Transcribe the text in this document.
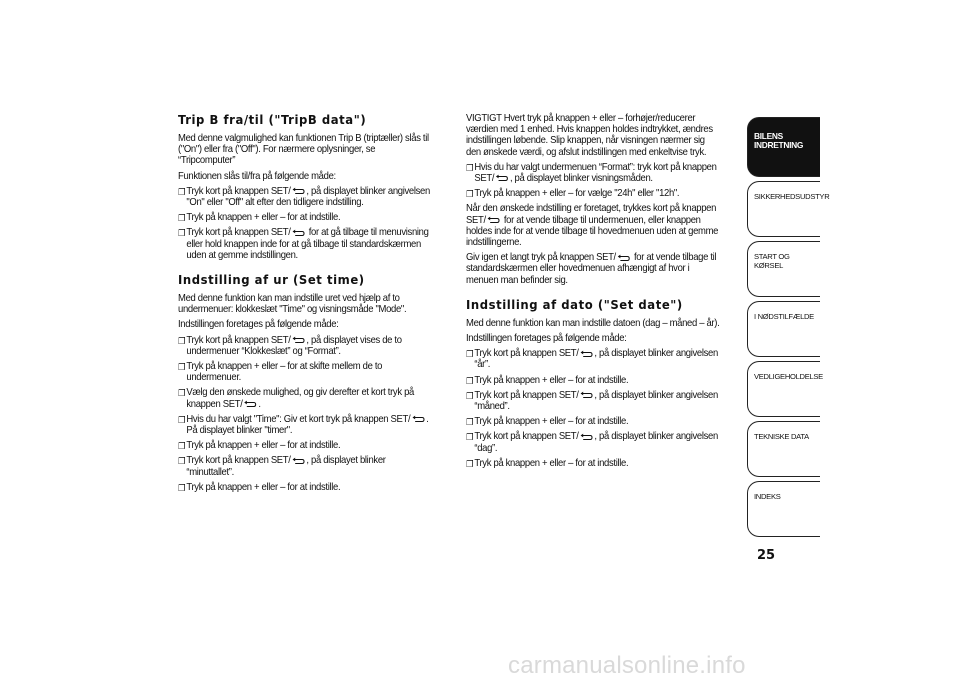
Trip B fra/til ("TripB data")
Med denne valgmulighed kan funktionen Trip B (triptæller) slås til ("On") eller fra ("Off"). For nærmere oplysninger, se “Tripcomputer”
Funktionen slås til/fra på følgende måde:
❐ Tryk kort på knappen SET/ , på displayet blinker angivelsen "On" eller "Off" alt efter den tidligere indstilling.
❐ Tryk på knappen + eller – for at indstille.
❐ Tryk kort på knappen SET/
for at gå tilbage til menuvisning eller hold knappen inde for at gå tilbage til standardskærmen uden at gemme indstillingen.
Indstilling af ur (Set time)
Med denne funktion kan man indstille uret ved hjælp af to undermenuer: klokkeslæt "Time" og visningsmåde "Mode".
Indstillingen foretages på følgende måde:
❐ Tryk kort på knappen SET/ , på displayet vises de to undermenuer “Klokkeslæt” og “Format”.
❐ Tryk på knappen + eller – for at skifte mellem de to undermenuer.
❐ Vælg den ønskede mulighed, og giv derefter et kort tryk på knappen SET/ .
❐ Hvis du har valgt "Time": Giv et kort tryk på knappen SET/ . På displayet blinker "timer".
❐ Tryk på knappen + eller – for at indstille.
❐ Tryk kort på knappen SET/ , på displayet blinker “minuttallet”.
❐ Tryk på knappen + eller – for at indstille.
VIGTIGT Hvert tryk på knappen + eller – forhøjer/reducerer værdien med 1 enhed. Hvis knappen holdes indtrykket, ændres indstillingen løbende. Slip knappen, når visningen nærmer sig den ønskede værdi, og afslut indstillingen med enkeltvise tryk.
❐ Hvis du har valgt undermenuen “Format”: tryk kort på knappen SET/ , på displayet blinker visningsmåden.
❐ Tryk på knappen + eller – for vælge "24h" eller "12h".
Når den ønskede indstilling er foretaget, trykkes kort på knappen SET/
for at vende tilbage til undermenuen, eller knappen holdes inde for at vende tilbage til hovedmenuen uden at gemme indstillingerne.
Giv igen et langt tryk på knappen SET/
for at vende tilbage til standardskærmen eller hovedmenuen afhængigt af hvor i menuen man befinder sig.
Indstilling af dato ("Set date")
Med denne funktion kan man indstille datoen (dag – måned – år).
Indstillingen foretages på følgende måde:
❐ Tryk kort på knappen SET/ , på displayet blinker angivelsen “år”.
❐ Tryk på knappen + eller – for at indstille.
❐ Tryk kort på knappen SET/ , på displayet blinker angivelsen “måned”.
❐ Tryk på knappen + eller – for at indstille.
❐ Tryk kort på knappen SET/ , på displayet blinker angivelsen “dag”.
❐ Tryk på knappen + eller – for at indstille.
BILENS INDRETNING
SIKKERHEDSUDSTYR
START OG KØRSEL
I NØDSTILFÆLDE
VEDLIGEHOLDELSE
TEKNISKE DATA
INDEKS
25
carmanualsonline.info
